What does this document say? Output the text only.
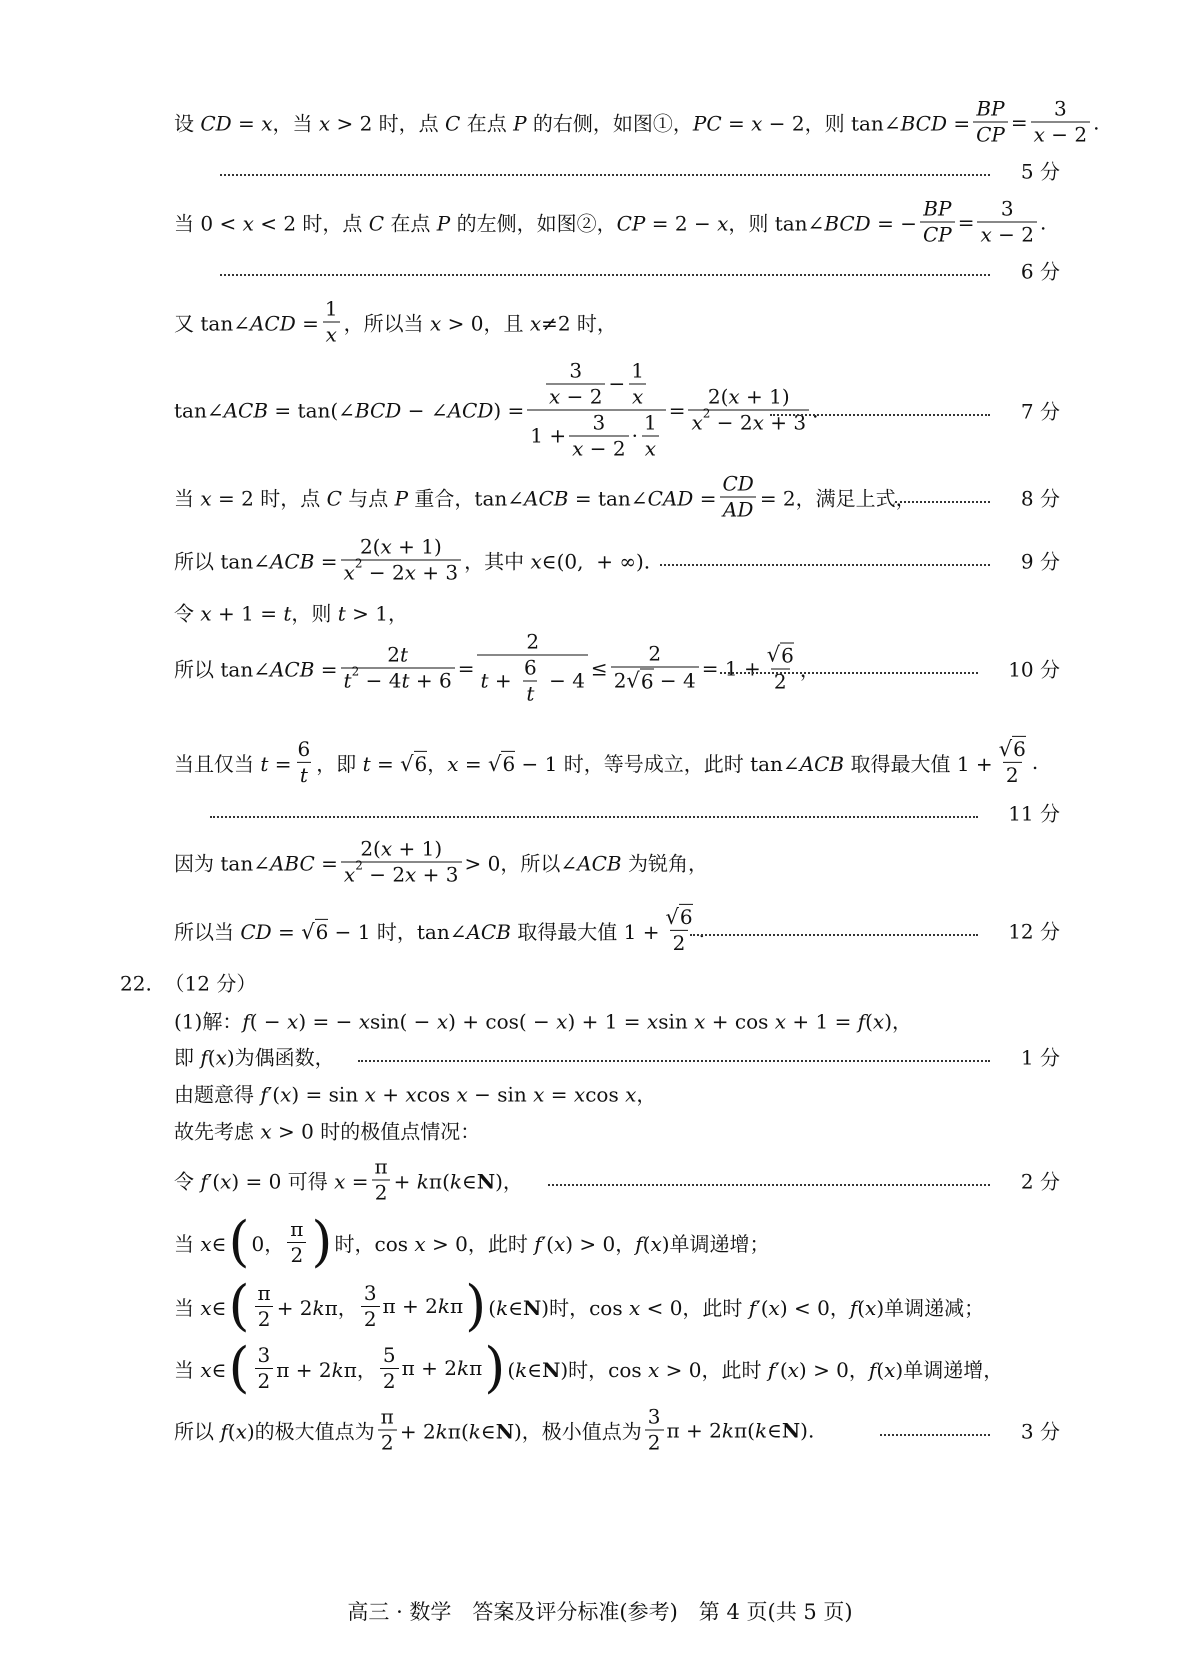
设 CD = x，当 x > 2 时，点 C 在点 P 的右侧，如图①，PC = x − 2，则 tan∠BCD = $\frac{BP}{CP} = \frac{3}{x - 2}$ .
5 分
当 0 < x < 2 时，点 C 在点 P 的左侧，如图②，CP = 2 − x，则 tan∠BCD = − $\frac{BP}{CP} = \frac{3}{x - 2}$ .
6 分
又 tan∠ACD = $\frac{1}{x}$ ，所以当 x > 0，且 x≠2 时，
tan∠ACB = tan(∠BCD − ∠ACD) = 3
x − 2
− $\frac{1}{x}$
$1 + \frac{3}{x - 2}$ ·
1
$x = \frac{2( x + 1)}{x 2 - 2 x + 3}$ .	7 分
当 x = 2 时，点 C 与点 P 重合，tan∠ACB = tan∠CAD = $\frac{CD}{AD} = 2$，满足上式，	8 分
所以 tan∠ACB = $\frac{2( x + 1)}{x 2 - 2 x + 3}$ ，其中 x∈(0,  + ∞).	9 分
令 x + 1 = t，则 t > 1，
所以 tan∠ACB = $\frac{2 t}{t 2 - 4 t + 6} = 2$
t +
6
t
− $4 \le \frac{2}{2 √ 6 - 4} = 1 + \frac{√ 6}{2}$ ，	10 分
当且仅当 $t = \frac{6}{t}$ ，即 t = √6，x = √6 − 1 时，等号成立，此时 tan∠ACB 取得最大值 $1 + \frac{√ 6}{2}$ .
11 分
因为 tan∠ABC = $\frac{2( x + 1)}{x 2 - 2 x + 3} > 0$，所以∠ACB 为锐角，
所以当 CD = √6 − 1 时，tan∠ACB 取得最大值 $1 + \frac{√ 6}{2}$ .	12 分
22.  （12 分）
(1)解：f( − x) = − xsin( − x) + cos( − x) + 1 = xsin x + cos x + 1 = f(x)，
即 f(x)为偶函数，	1 分
由题意得 f′(x) = sin x + xcos x − sin x = xcos x，
故先考虑 x > 0 时的极值点情况：
令 f′(x) = 0 可得 $x = \frac{\pi}{2}$ + kπ(k∈N)，	2 分
当 x∈ ( 0，
π
2 ) 时，cos x > 0，此时 f′(x) > 0，f(x)单调递增；
当 x∈ ( π
2 + 2kπ，
3
2
π + 2kπ ) (k∈N)时，cos x < 0，此时 f′(x) < 0，f(x)单调递减；
当 x∈ ( 3
2 π + 2kπ，
5
2
π + 2kπ ) (k∈N)时，cos x > 0，此时 f′(x) > 0，f(x)单调递增，
所以 f(x)的极大值点为
π
2 + 2kπ(k∈N)，极小值点为
3
2
π + 2kπ(k∈N).	3 分
高三 · 数学　答案及评分标准(参考)　第 4 页(共 5 页)
